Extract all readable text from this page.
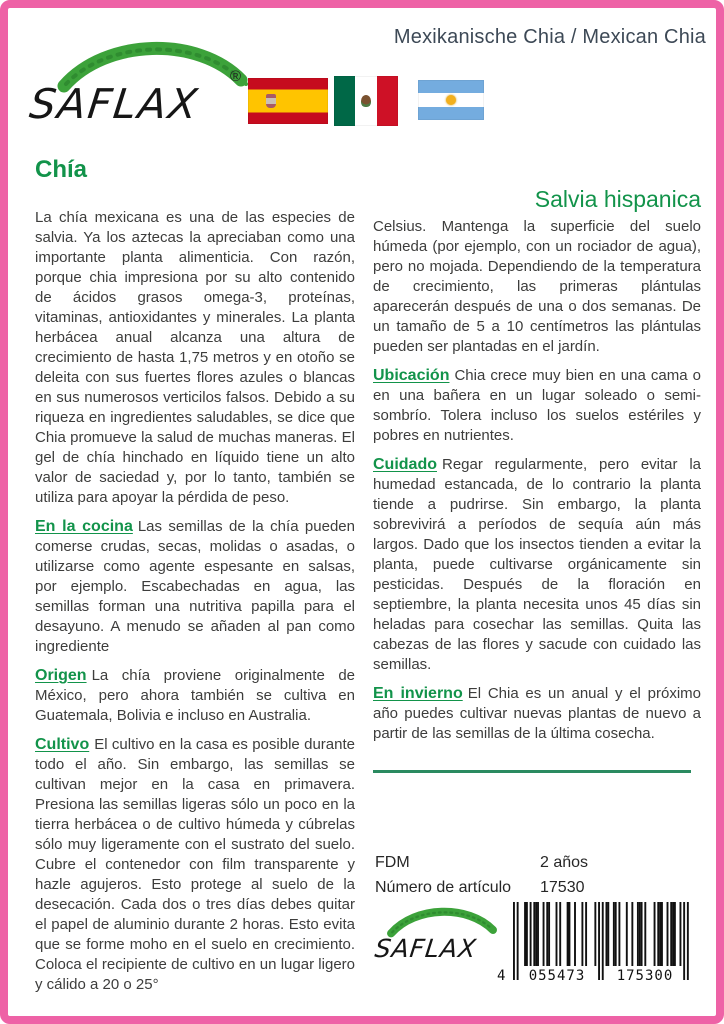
Mexikanische Chia / Mexican Chia
SAFLAX
®
Chía

La chía mexicana es una de las especies de salvia. Ya los aztecas la apreciaban como una importante planta alimenticia. Con razón, porque chia impresiona por su alto contenido de ácidos grasos omega-3, proteínas, vitaminas, antioxidantes y minerales. La planta herbácea anual alcanza una altura de crecimiento de hasta 1,75 metros y en otoño se deleita con sus fuertes flores azules o blancas en sus numerosos verticilos falsos. Debido a su riqueza en ingredientes saludables, se dice que Chia promueve la salud de muchas maneras. El gel de chía hinchado en líquido tiene un alto valor de saciedad y, por lo tanto, también se utiliza para apoyar la pérdida de peso.

En la cocina Las semillas de la chía pueden comerse crudas, secas, molidas o asadas, o utilizarse como agente espesante en salsas, por ejemplo. Escabechadas en agua, las semillas forman una nutritiva papilla para el desayuno. A menudo se añaden al pan como ingrediente

Origen La chía proviene originalmente de México, pero ahora también se cultiva en Guatemala, Bolivia e incluso en Australia.

Cultivo El cultivo en la casa es posible durante todo el año. Sin embargo, las semillas se cultivan mejor en la casa en primavera. Presiona las semillas ligeras sólo un poco en la tierra herbácea o de cultivo húmeda y cúbrelas sólo muy ligeramente con el sustrato del suelo. Cubre el contenedor con film transparente y hazle agujeros. Esto protege al suelo de la desecación. Cada dos o tres días debes quitar el papel de aluminio durante 2 horas. Esto evita que se forme moho en el suelo en crecimiento. Coloca el recipiente de cultivo en un lugar ligero y cálido a 20 o 25°

Salvia hispanica

Celsius. Mantenga la superficie del suelo húmeda (por ejemplo, con un rociador de agua), pero no mojada. Dependiendo de la temperatura de crecimiento, las primeras plántulas aparecerán después de una o dos semanas. De un tamaño de 5 a 10 centímetros las plántulas pueden ser plantadas en el jardín.

Ubicación Chia crece muy bien en una cama o en una bañera en un lugar soleado o semi-sombrío. Tolera incluso los suelos estériles y pobres en nutrientes.

Cuidado Regar regularmente, pero evitar la humedad estancada, de lo contrario la planta tiende a pudrirse. Sin embargo, la planta sobrevivirá a períodos de sequía aún más largos. Dado que los insectos tienden a evitar la planta, puede cultivarse orgánicamente sin pesticidas. Después de la floración en septiembre, la planta necesita unos 45 días sin heladas para cosechar las semillas. Quita las cabezas de las flores y sacude con cuidado las semillas.

En invierno El Chia es un anual y el próximo año puedes cultivar nuevas plantas de nuevo a partir de las semillas de la última cosecha.

FDM	2 años
Número de artículo	17530
SAFLAX
4	055473	175300
